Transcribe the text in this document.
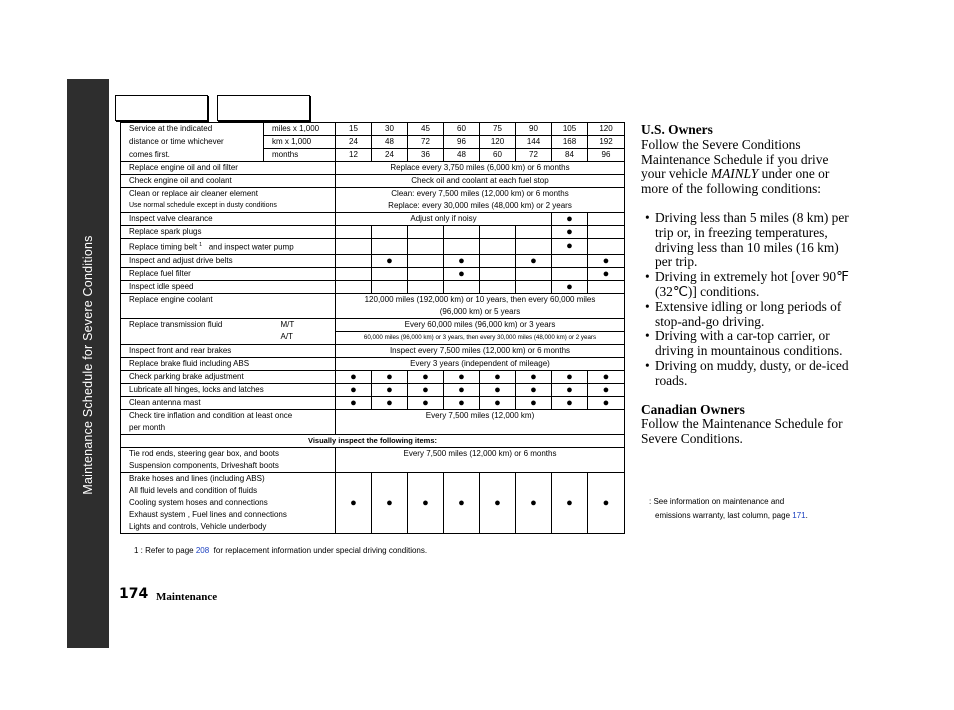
Maintenance Schedule for Severe Conditions
Service at the indicated	miles x 1,000	15	30	45	60	75	90	105	120
distance or time whichever	km x 1,000	24	48	72	96	120	144	168	192
comes first.	months	12	24	36	48	60	72	84	96
Replace engine oil and oil filter		Replace every 3,750 miles (6,000 km) or 6 months							
Check engine oil and coolant		Check oil and coolant at each fuel stop							
Clean or replace air cleaner element		Clean: every 7,500 miles (12,000 km) or 6 months							
Use normal schedule except in dusty conditions		Replace: every 30,000 miles (48,000 km) or 2 years							
Inspect valve clearance		Adjust only if noisy						●	
Replace spark plugs								●	
Replace timing belt $^1$ and inspect water pump								●	
Inspect and adjust drive belts			●		●		●		●
Replace fuel filter					●				●
Inspect idle speed								●	
Replace engine coolant		120,000 miles (192,000 km) or 10 years, then every 60,000 miles							
		(96,000 km) or 5 years							
Replace transmission fluid	M/T	Every 60,000 miles (96,000 km) or 3 years							
	A/T	60,000 miles (96,000 km) or 3 years, then every 30,000 miles (48,000 km) or 2 years							
Inspect front and rear brakes		Inspect every 7,500 miles (12,000 km) or 6 months							
Replace brake fluid including ABS		Every 3 years (independent of mileage)							
Check parking brake adjustment		●	●	●	●	●	●	●	●
Lubricate all hinges, locks and latches		●	●	●	●	●	●	●	●
Clean antenna mast		●	●	●	●	●	●	●	●
Check tire inflation and condition at least once		Every 7,500 miles (12,000 km)							
per month									
Visually inspect the following items:									
Tie rod ends, steering gear box, and boots		Every 7,500 miles (12,000 km) or 6 months							
Suspension components, Driveshaft boots									
Brake hoses and lines (including ABS)		●	●	●	●	●	●	●	●
All fluid levels and condition of fluids									
Cooling system hoses and connections									
Exhaust system , Fuel lines and connections									
Lights and controls, Vehicle underbody									
1 : Refer to page 208 for replacement information under special driving conditions.
174 Maintenance
U.S. Owners

Follow the Severe Conditions Maintenance Schedule if you drive your vehicle MAINLY under one or more of the following conditions:

• Driving less than 5 miles (8 km) per trip or, in freezing temperatures, driving less than 10 miles (16 km) per trip.
• Driving in extremely hot [over 90℉ (32℃)] conditions.
• Extensive idling or long periods of stop-and-go driving.
• Driving with a car-top carrier, or driving in mountainous conditions.
• Driving on muddy, dusty, or de-iced roads.
Canadian Owners

Follow the Maintenance Schedule for Severe Conditions.

: See information on maintenance and
emissions warranty, last column, page 171.
